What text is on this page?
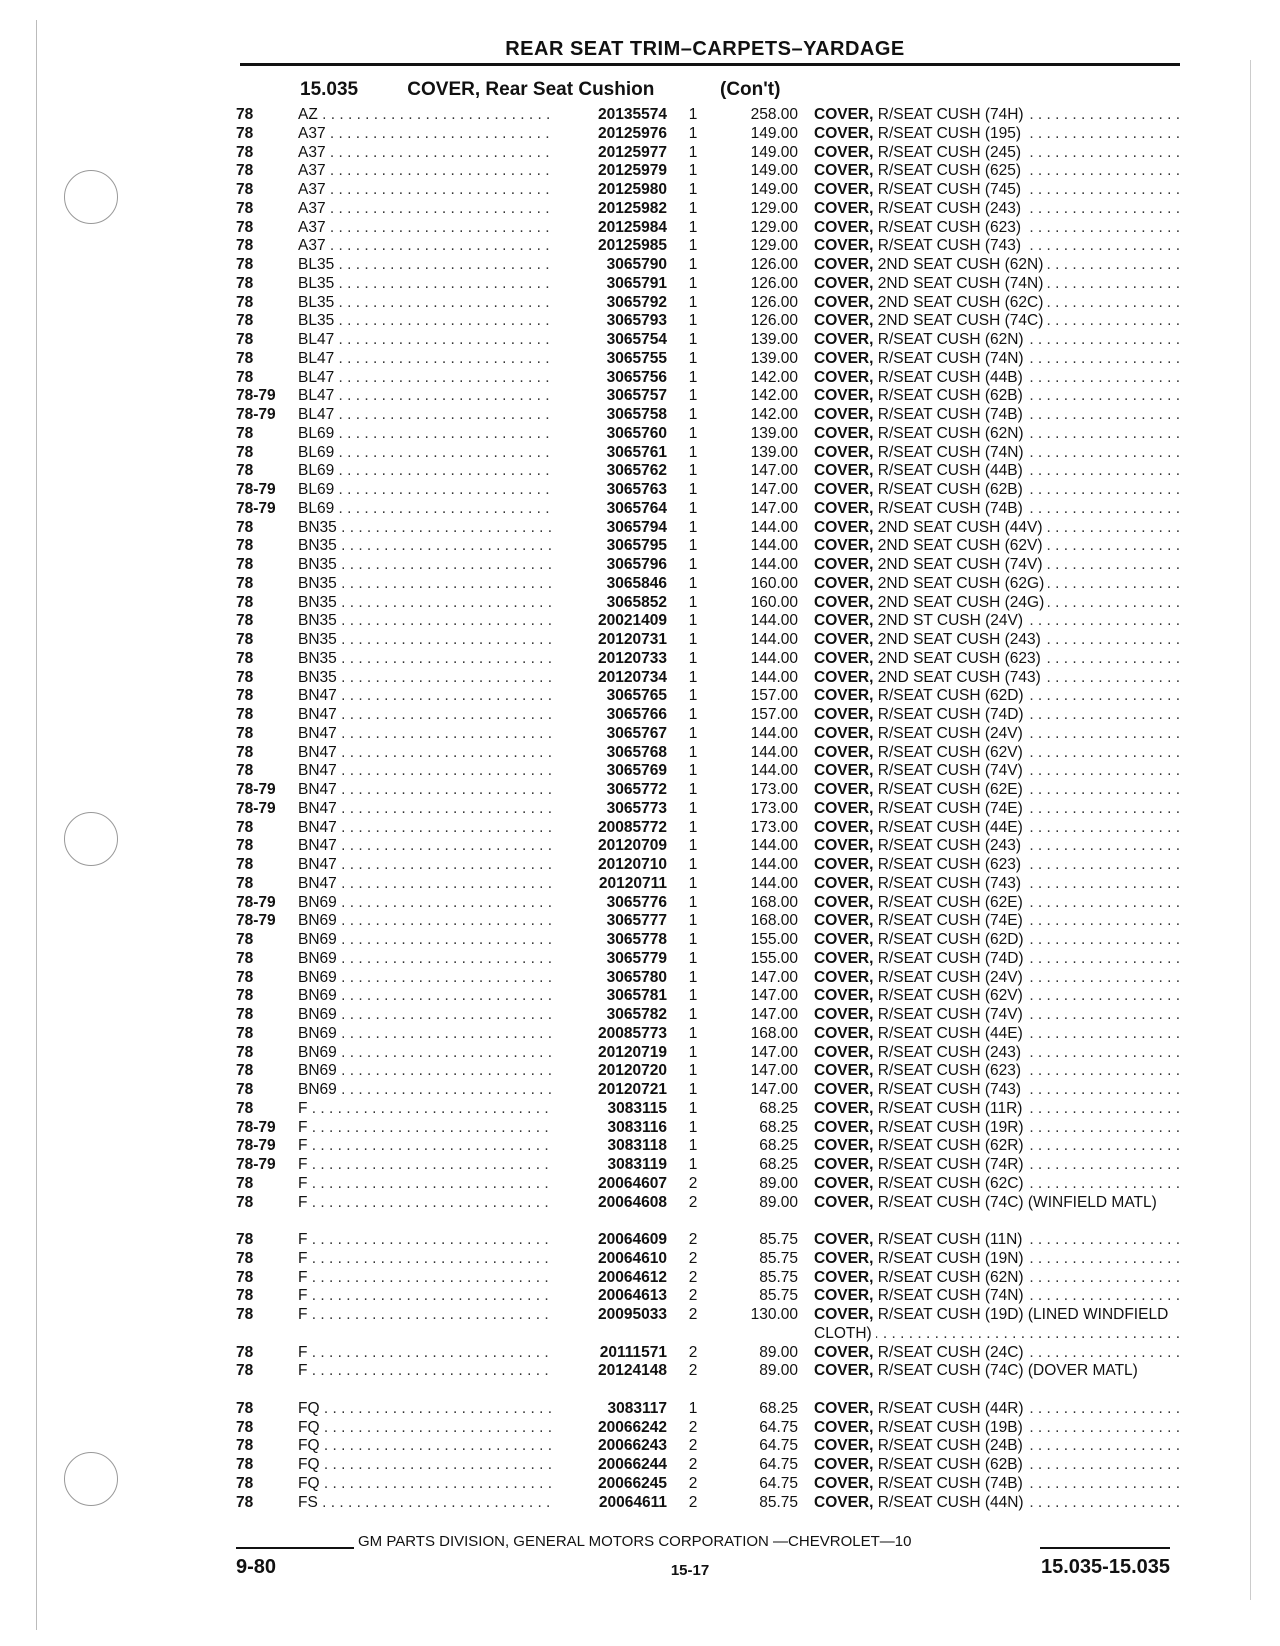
REAR SEAT TRIM–CARPETS–YARDAGE
15.035	COVER, Rear Seat Cushion	(Con't)
78	AZ . . .	20135574	1	258.00 COVER, R/SEAT CUSH (74H) . . .
78	A37 . . .	20125976	1	149.00 COVER, R/SEAT CUSH (195) . . .
78	A37 . . .	20125977	1	149.00 COVER, R/SEAT CUSH (245) . . .
78	A37 . . .	20125979	1	149.00 COVER, R/SEAT CUSH (625) . . .
78	A37 . . .	20125980	1	149.00 COVER, R/SEAT CUSH (745) . . .
78	A37 . . .	20125982	1	129.00 COVER, R/SEAT CUSH (243) . . .
78	A37 . . .	20125984	1	129.00 COVER, R/SEAT CUSH (623) . . .
78	A37 . . .	20125985	1	129.00 COVER, R/SEAT CUSH (743) . . .
78	BL35 . . .	3065790	1	126.00 COVER, 2ND SEAT CUSH (62N) . . .
78	BL35 . . .	3065791	1	126.00 COVER, 2ND SEAT CUSH (74N) . . .
78	BL35 . . .	3065792	1	126.00 COVER, 2ND SEAT CUSH (62C) . . .
78	BL35 . . .	3065793	1	126.00 COVER, 2ND SEAT CUSH (74C) . . .
78	BL47 . . .	3065754	1	139.00 COVER, R/SEAT CUSH (62N) . . .
78	BL47 . . .	3065755	1	139.00 COVER, R/SEAT CUSH (74N) . . .
78	BL47 . . .	3065756	1	142.00 COVER, R/SEAT CUSH (44B) . . .
78-79	BL47 . . .	3065757	1	142.00 COVER, R/SEAT CUSH (62B) . . .
78-79	BL47 . . .	3065758	1	142.00 COVER, R/SEAT CUSH (74B) . . .
78	BL69 . . .	3065760	1	139.00 COVER, R/SEAT CUSH (62N) . . .
78	BL69 . . .	3065761	1	139.00 COVER, R/SEAT CUSH (74N) . . .
78	BL69 . . .	3065762	1	147.00 COVER, R/SEAT CUSH (44B) . . .
78-79	BL69 . . .	3065763	1	147.00 COVER, R/SEAT CUSH (62B) . . .
78-79	BL69 . . .	3065764	1	147.00 COVER, R/SEAT CUSH (74B) . . .
78	BN35 . . .	3065794	1	144.00 COVER, 2ND SEAT CUSH (44V) . . .
78	BN35 . . .	3065795	1	144.00 COVER, 2ND SEAT CUSH (62V) . . .
78	BN35 . . .	3065796	1	144.00 COVER, 2ND SEAT CUSH (74V) . . .
78	BN35 . . .	3065846	1	160.00 COVER, 2ND SEAT CUSH (62G) . . .
78	BN35 . . .	3065852	1	160.00 COVER, 2ND SEAT CUSH (24G) . . .
78	BN35 . . .	20021409	1	144.00 COVER, 2ND ST CUSH (24V) . . .
78	BN35 . . .	20120731	1	144.00 COVER, 2ND SEAT CUSH (243) . . .
78	BN35 . . .	20120733	1	144.00 COVER, 2ND SEAT CUSH (623) . . .
78	BN35 . . .	20120734	1	144.00 COVER, 2ND SEAT CUSH (743) . . .
78	BN47 . . .	3065765	1	157.00 COVER, R/SEAT CUSH (62D) . . .
78	BN47 . . .	3065766	1	157.00 COVER, R/SEAT CUSH (74D) . . .
78	BN47 . . .	3065767	1	144.00 COVER, R/SEAT CUSH (24V) . . .
78	BN47 . . .	3065768	1	144.00 COVER, R/SEAT CUSH (62V) . . .
78	BN47 . . .	3065769	1	144.00 COVER, R/SEAT CUSH (74V) . . .
78-79	BN47 . . .	3065772	1	173.00 COVER, R/SEAT CUSH (62E) . . .
78-79	BN47 . . .	3065773	1	173.00 COVER, R/SEAT CUSH (74E) . . .
78	BN47 . . .	20085772	1	173.00 COVER, R/SEAT CUSH (44E) . . .
78	BN47 . . .	20120709	1	144.00 COVER, R/SEAT CUSH (243) . . .
78	BN47 . . .	20120710	1	144.00 COVER, R/SEAT CUSH (623) . . .
78	BN47 . . .	20120711	1	144.00 COVER, R/SEAT CUSH (743) . . .
78-79	BN69 . . .	3065776	1	168.00 COVER, R/SEAT CUSH (62E) . . .
78-79	BN69 . . .	3065777	1	168.00 COVER, R/SEAT CUSH (74E) . . .
78	BN69 . . .	3065778	1	155.00 COVER, R/SEAT CUSH (62D) . . .
78	BN69 . . .	3065779	1	155.00 COVER, R/SEAT CUSH (74D) . . .
78	BN69 . . .	3065780	1	147.00 COVER, R/SEAT CUSH (24V) . . .
78	BN69 . . .	3065781	1	147.00 COVER, R/SEAT CUSH (62V) . . .
78	BN69 . . .	3065782	1	147.00 COVER, R/SEAT CUSH (74V) . . .
78	BN69 . . .	20085773	1	168.00 COVER, R/SEAT CUSH (44E) . . .
78	BN69 . . .	20120719	1	147.00 COVER, R/SEAT CUSH (243) . . .
78	BN69 . . .	20120720	1	147.00 COVER, R/SEAT CUSH (623) . . .
78	BN69 . . .	20120721	1	147.00 COVER, R/SEAT CUSH (743) . . .
78	F . . .	3083115	1	68.25 COVER, R/SEAT CUSH (11R) . . .
78-79	F . . .	3083116	1	68.25 COVER, R/SEAT CUSH (19R) . . .
78-79	F . . .	3083118	1	68.25 COVER, R/SEAT CUSH (62R) . . .
78-79	F . . .	3083119	1	68.25 COVER, R/SEAT CUSH (74R) . . .
78	F . . .	20064607	2	89.00 COVER, R/SEAT CUSH (62C) . . .
78	F . . .	20064608	2	89.00 COVER, R/SEAT CUSH (74C) (WINFIELD MATL) . . .
78	F . . .	20064609	2	85.75 COVER, R/SEAT CUSH (11N) . . .
78	F . . .	20064610	2	85.75 COVER, R/SEAT CUSH (19N) . . .
78	F . . .	20064612	2	85.75 COVER, R/SEAT CUSH (62N) . . .
78	F . . .	20064613	2	85.75 COVER, R/SEAT CUSH (74N) . . .
78	F . . .	20095033	2	130.00 COVER, R/SEAT CUSH (19D) (LINED WINDFIELD CLOTH) . . .
78	F . . .	20111571	2	89.00 COVER, R/SEAT CUSH (24C) . . .
78	F . . .	20124148	2	89.00 COVER, R/SEAT CUSH (74C) (DOVER MATL) . . .
78	FQ . . .	3083117	1	68.25 COVER, R/SEAT CUSH (44R) . . .
78	FQ . . .	20066242	2	64.75 COVER, R/SEAT CUSH (19B) . . .
78	FQ . . .	20066243	2	64.75 COVER, R/SEAT CUSH (24B) . . .
78	FQ . . .	20066244	2	64.75 COVER, R/SEAT CUSH (62B) . . .
78	FQ . . .	20066245	2	64.75 COVER, R/SEAT CUSH (74B) . . .
78	FS . . .	20064611	2	85.75 COVER, R/SEAT CUSH (44N) . . .
GM PARTS DIVISION, GENERAL MOTORS CORPORATION —CHEVROLET—10
9-80	15-17	15.035-15.035
